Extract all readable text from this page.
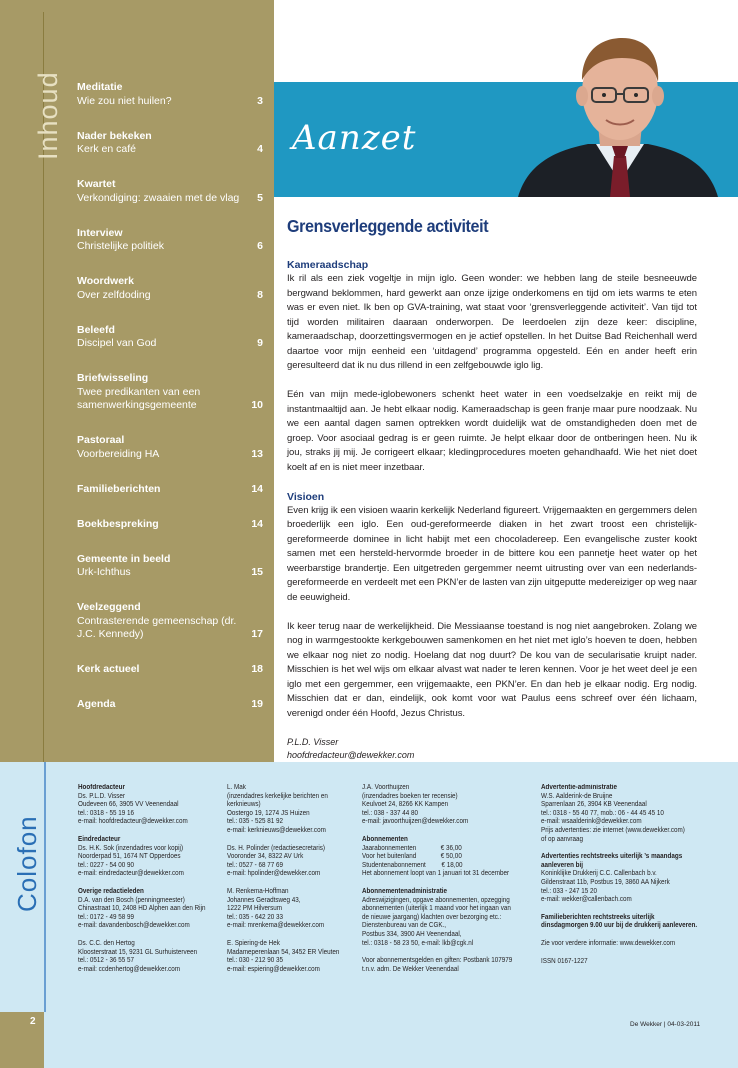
Inhoud Meditatie
Wie zou niet huilen?	3
Nader bekeken
Kerk en café	4
Kwartet
Verkondiging: zwaaien met de vlag	5
Interview
Christelijke politiek	6
Woordwerk
Over zelfdoding	8
Beleefd
Discipel van God	9
Briefwisseling
Twee predikanten van een samenwerkingsgemeente	10
Pastoraal
Voorbereiding HA	13
Familieberichten	14
Boekbespreking	14
Gemeente in beeld
Urk-Ichthus	15
Veelzeggend
Contrasterende gemeenschap (dr. J.C. Kennedy)	17
Kerk actueel	18
Agenda	19
Aanzet
Grensverleggende activiteit
Kameraadschap

Ik ril als een ziek vogeltje in mijn iglo. Geen wonder: we hebben lang de steile besneeuwde bergwand beklommen, hard gewerkt aan onze ijzige onderkomens en tijd om iets warms te eten was er even niet. Ik ben op GVA-training, wat staat voor ‘grensverleggende activiteit’. Van tijd tot tijd worden militairen daaraan onderworpen. De leerdoelen zijn deze keer: discipline, kameraadschap, doorzettingsvermogen en je actief opstellen. In het Duitse Bad Reichenhall werd daartoe voor mijn eenheid een ‘uitdagend’ programma opgesteld. Eén en ander heeft erin geresulteerd dat ik nu dus rillend in een zelfgebouwde iglo lig.

Eén van mijn mede-iglobewoners schenkt heet water in een voedselzakje en reikt mij de instantmaaltijd aan. Je hebt elkaar nodig. Kameraadschap is geen franje maar pure noodzaak. Nu we een aantal dagen samen optrekken wordt duidelijk wat de omstandigheden doen met de groep. Voor asociaal gedrag is er geen ruimte. Je helpt elkaar door de ontberingen heen. Nu ik jou, straks jij mij. Je corrigeert elkaar; kledingprocedures moeten gehandhaafd. Wie het niet doet koelt af en is niet meer inzetbaar.

Visioen

Even krijg ik een visioen waarin kerkelijk Nederland figureert. Vrijgemaakten en gergemmers delen broederlijk een iglo. Een oud-gereformeerde diaken in het zwart troost een christelijk-gereformeerde dominee in licht habijt met een chocoladereep. Een evangelische zuster kookt samen met een hersteld-hervormde broeder in de bittere kou een pannetje heet water op het weerbarstige brandertje. Een uitgetreden gergemmer neemt uitrusting over van een nederlands-gereformeerde en verdeelt met een PKN’er de lasten van zijn uitgeputte medereiziger op weg naar de eeuwigheid.

Ik keer terug naar de werkelijkheid. Die Messiaanse toestand is nog niet aangebroken. Zolang we nog in warmgestookte kerkgebouwen samenkomen en het niet met iglo’s hoeven te doen, hebben we elkaar nog niet zo nodig. Hoelang dat nog duurt? De kou van de secularisatie kruipt nader. Misschien is het wel wijs om elkaar alvast wat nader te leren kennen. Voor je het weet deel je een iglo met een gergemmer, een vrijgemaakte, een PKN’er. En dan heb je elkaar nodig. Erg nodig. Misschien dat er dan, eindelijk, ook komt voor wat Paulus eens schreef over één lichaam, verenigd onder één Hoofd, Jezus Christus.

P.L.D. Visser
hoofdredacteur@dewekker.com
Colofon
Hoofdredacteur
Ds. P.L.D. Visser
Oudeveen 66, 3905 VV Veenendaal
tel.: 0318 - 55 19 16
e-mail: hoofdredacteur@dewekker.com
Eindredacteur
Ds. H.K. Sok (inzendadres voor kopij)
Noorderpad 51, 1674 NT Opperdoes
tel.: 0227 - 54 00 90
e-mail: eindredacteur@dewekker.com
Overige redactieleden
D.A. van den Bosch (penningmeester)
Chinastraat 10, 2408 HD Alphen aan den Rijn
tel.: 0172 - 49 58 99
e-mail: davandenbosch@dewekker.com
Ds. C.C. den Hertog
Kloosterstraat 15, 9231 GL Surhuisterveen
tel.: 0512 - 36 55 57
e-mail: ccdenhertog@dewekker.com
L. Mak
(inzendadres kerkelijke berichten en
kerknieuws)
Oostergo 19, 1274 JS Huizen
tel.: 035 - 525 81 92
e-mail: kerknieuws@dewekker.com
Ds. H. Polinder (redactiesecretaris)
Vooronder 34, 8322 AV Urk
tel.: 0527 - 68 77 69
e-mail: hpolinder@dewekker.com
M. Renkema-Hoffman
Johannes Geradtsweg 43,
1222 PM Hilversum
tel.: 035 - 642 20 33
e-mail: mrenkema@dewekker.com
E. Spiering-de Hek
Madameperenlaan 54, 3452 ER Vleuten
tel.: 030 - 212 90 35
e-mail: espiering@dewekker.com
J.A. Voorthuijzen
(inzendadres boeken ter recensie)
Keulvoet 24, 8266 KK Kampen
tel.: 038 - 337 44 80
e-mail: javoorthuijzen@dewekker.com
Abonnementen
Jaarabonnementen              € 36,00
Voor het buitenland              € 50,00
Studentenabonnement         € 18,00
Het abonnement loopt van 1 januari tot 31 december
Abonnementenadministratie
Adreswijzigingen, opgave abonnementen, opzegging
abonnementen (uiterlijk 1 maand voor het ingaan van
de nieuwe jaargang) klachten over bezorging etc.:
Dienstenbureau van de CGK.,
Postbus 334, 3900 AH Veenendaal,
tel.: 0318 - 58 23 50, e-mail: lkb@cgk.nl
Voor abonnementsgelden en giften: Postbank 107979
t.n.v. adm. De Wekker Veenendaal
Advertentie-administratie
W.S. Aalderink-de Bruijne
Sparrenlaan 26, 3904 KB Veenendaal
tel.: 0318 - 55 40 77, mob.: 06 - 44 45 45 10
e-mail: wsaalderink@dewekker.com
Prijs advertenties: zie internet (www.dewekker.com)
of op aanvraag
Advertenties rechtstreeks uiterlijk ’s maandags aanleveren bij
Koninklijke Drukkerij C.C. Callenbach b.v.
Gildenstraat 11b, Postbus 19, 3860 AA Nijkerk
tel.: 033 - 247 15 20
e-mail: wekker@callenbach.com
Familieberichten rechtstreeks uiterlijk dinsdagmorgen 9.00 uur bij de drukkerij aanleveren.
Zie voor verdere informatie: www.dewekker.com
ISSN 0167-1227
2	De Wekker | 04-03-2011
